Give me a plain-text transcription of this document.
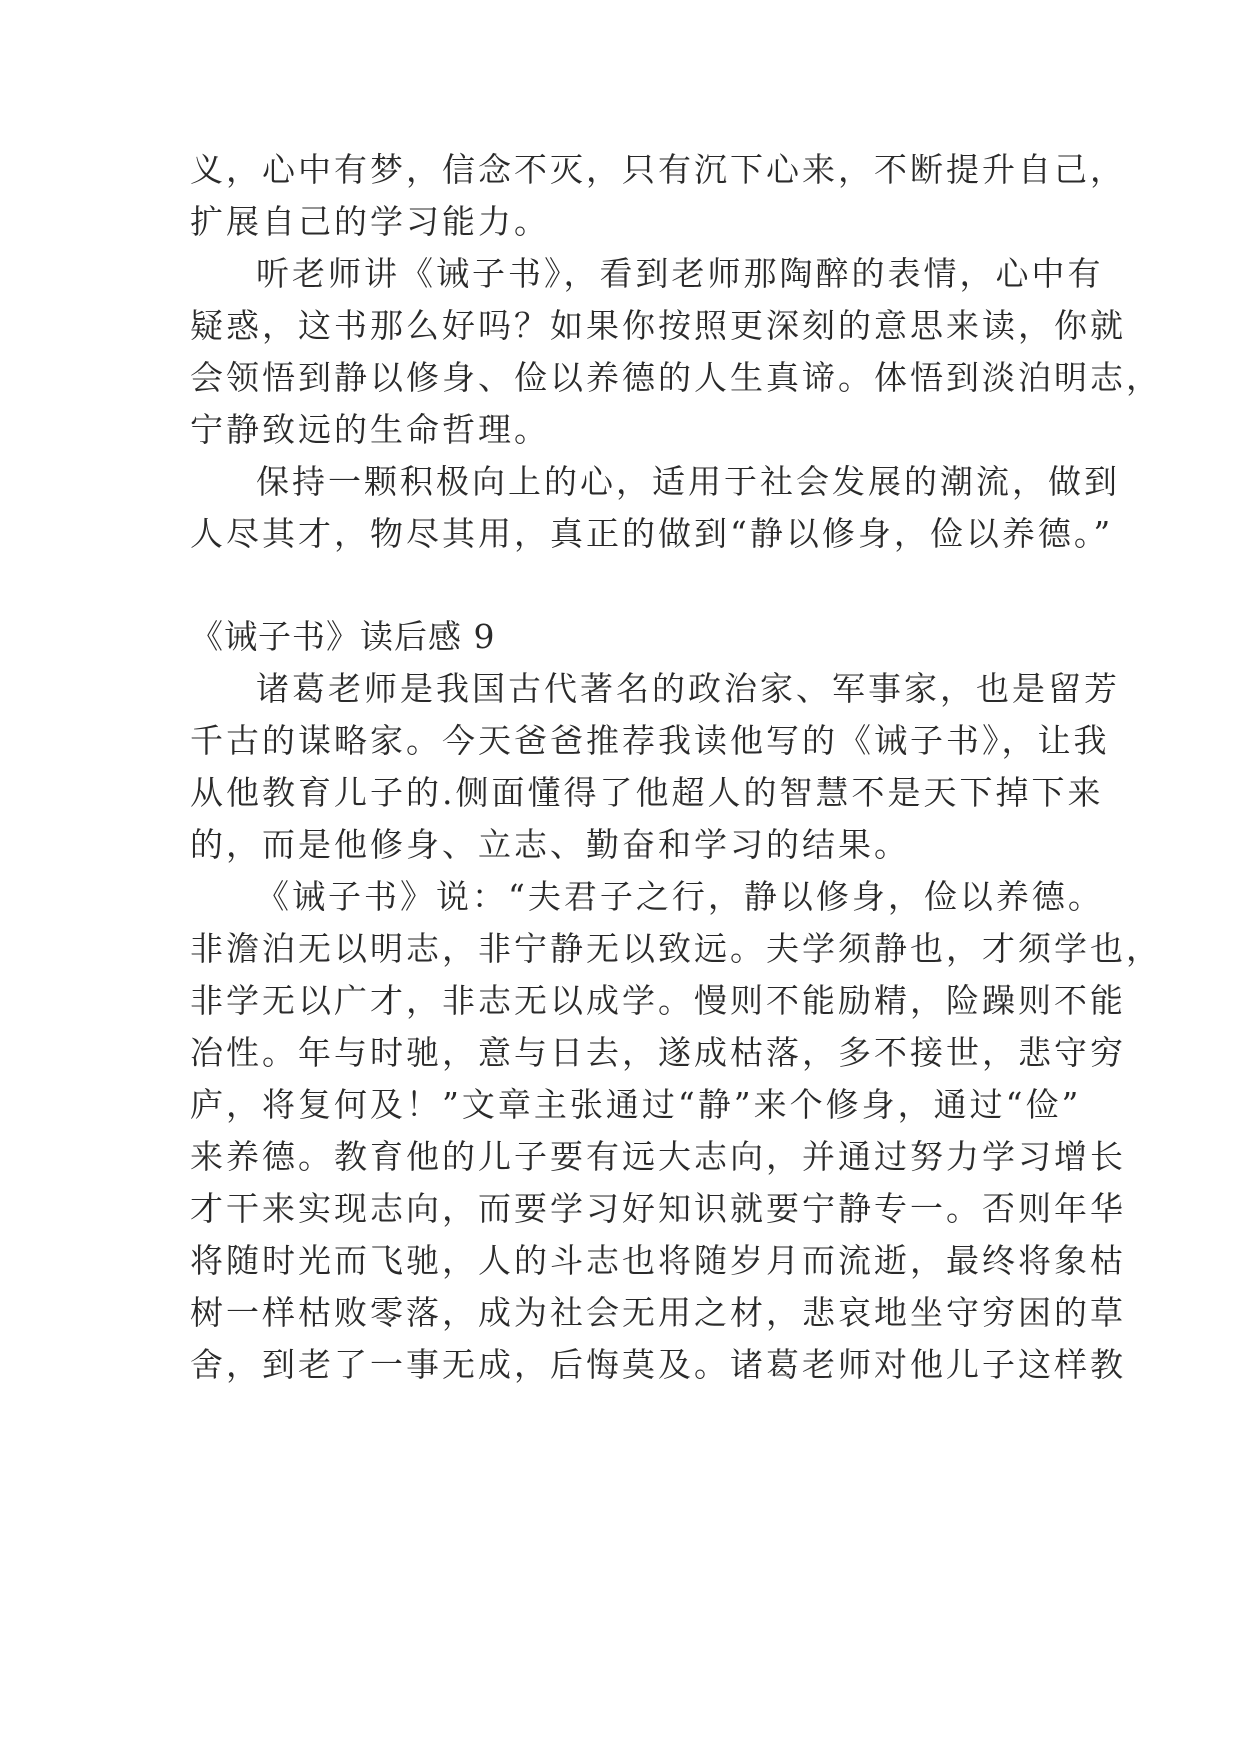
义，心中有梦，信念不灭，只有沉下心来，不断提升自己，
扩展自己的学习能力。
听老师讲《诫子书》，看到老师那陶醉的表情，心中有
疑惑，这书那么好吗？如果你按照更深刻的意思来读，你就
会领悟到静以修身、俭以养德的人生真谛。体悟到淡泊明志，
宁静致远的生命哲理。
保持一颗积极向上的心，适用于社会发展的潮流，做到
人尽其才，物尽其用，真正的做到“静以修身，俭以养德。”
《诫子书》读后感 9
诸葛老师是我国古代著名的政治家、军事家，也是留芳
千古的谋略家。今天爸爸推荐我读他写的《诫子书》，让我
从他教育儿子的.侧面懂得了他超人的智慧不是天下掉下来
的，而是他修身、立志、勤奋和学习的结果。
《诫子书》说：“夫君子之行，静以修身，俭以养德。
非澹泊无以明志，非宁静无以致远。夫学须静也，才须学也，
非学无以广才，非志无以成学。慢则不能励精，险躁则不能
冶性。年与时驰，意与日去，遂成枯落，多不接世，悲守穷
庐，将复何及！”文章主张通过“静”来个修身，通过“俭”
来养德。教育他的儿子要有远大志向，并通过努力学习增长
才干来实现志向，而要学习好知识就要宁静专一。否则年华
将随时光而飞驰，人的斗志也将随岁月而流逝，最终将象枯
树一样枯败零落，成为社会无用之材，悲哀地坐守穷困的草
舍，到老了一事无成，后悔莫及。诸葛老师对他儿子这样教
